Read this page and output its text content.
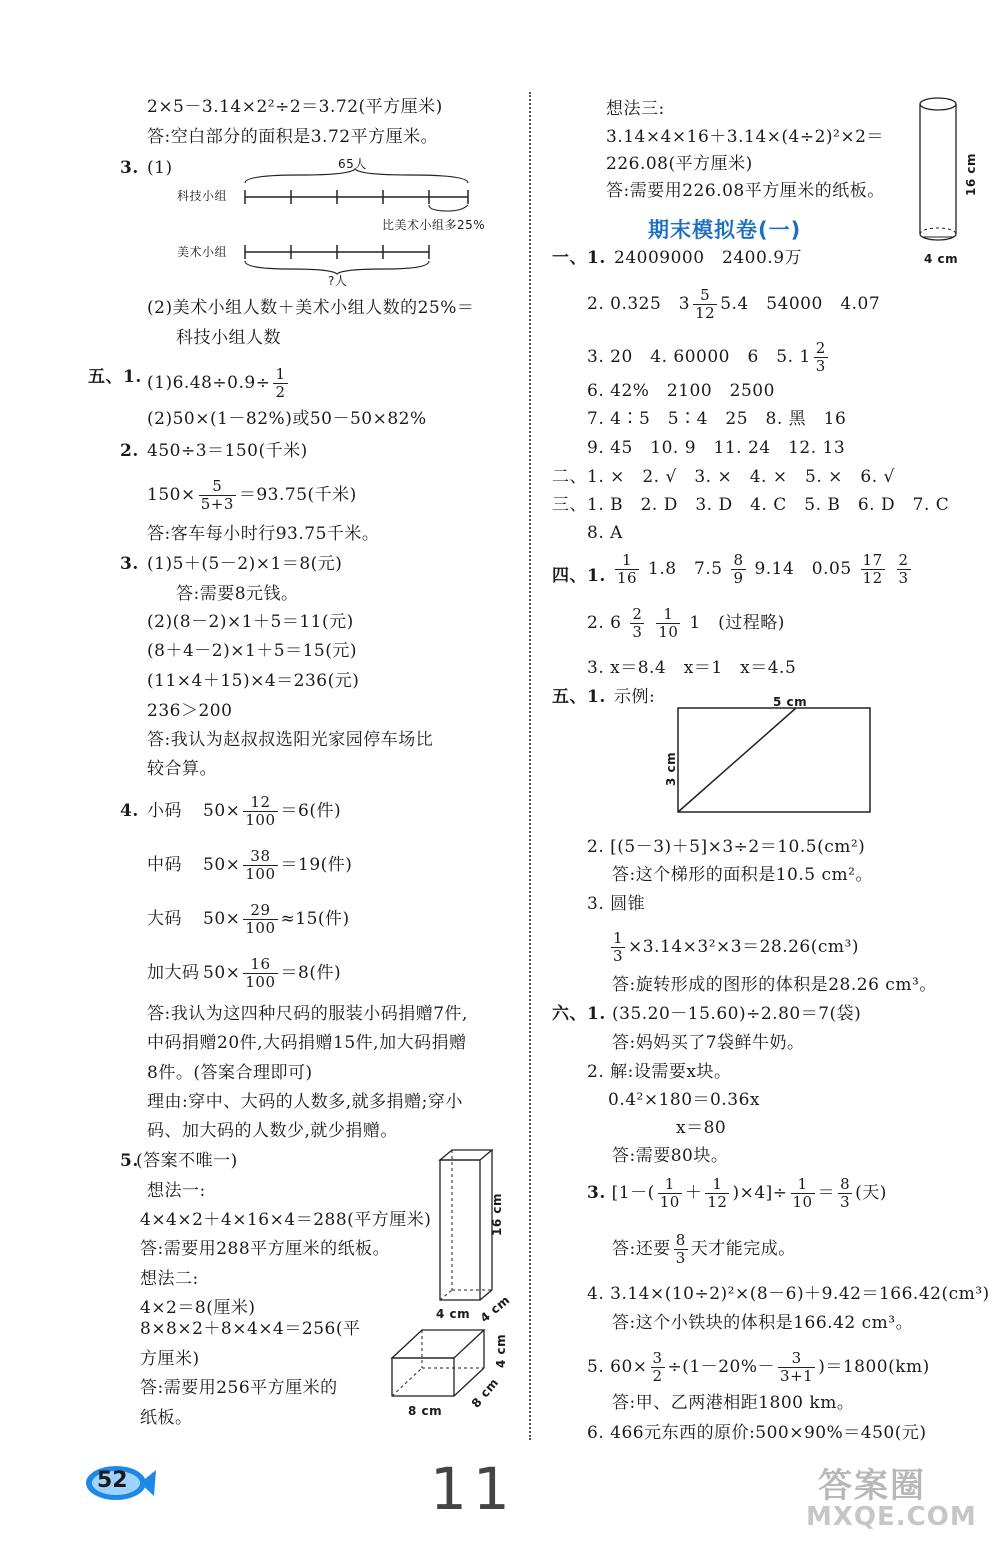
2×5－3.14×2²÷2＝3.72(平方厘米)
答:空白部分的面积是3.72平方厘米。
3. (1)	65人
科技小组
比美术小组多25%
美术小组
?人
(2)美术小组人数＋美术小组人数的25%＝
科技小组人数
五、1. $(1)6.48\div 0.9\div \frac{1}{2}$
(2)50×(1－82%)或50－50×82%
2. 450÷3＝150(千米)
$150\times \frac{5}{5+3} =93.75$(千米)
答:客车每小时行93.75千米。
3. (1)5＋(5－2)×1＝8(元)
答:需要8元钱。
(2)(8－2)×1＋5＝11(元)
(8＋4－2)×1＋5＝15(元)
(11×4＋15)×4＝236(元)
236＞200
答:我认为赵叔叔选阳光家园停车场比
较合算。
4. 小码 $50\times \frac{12}{100} =6$(件)
中码 $50\times \frac{38}{100} =19$(件)
大码 $50\times \frac{29}{100} \approx 15$(件)
加大码 $50\times \frac{16}{100} =8$(件)
答:我认为这四种尺码的服装小码捐赠7件,
中码捐赠20件,大码捐赠15件,加大码捐赠
8件。(答案合理即可)
理由:穿中、大码的人数多,就多捐赠;穿小
码、加大码的人数少,就少捐赠。
5.
(答案不唯一)
想法一:
4×4×2＋4×16×4＝288(平方厘米)
答:需要用288平方厘米的纸板。
想法二:
4×2＝8(厘米)
8×8×2＋8×4×4＝256(平
方厘米)
答:需要用256平方厘米的
纸板。
16 cm
4 cm 4 cm
4 cm
8 cm
8 cm
想法三:
3.14×4×16＋3.14×(4÷2)²×2＝
226.08(平方厘米)
答:需要用226.08平方厘米的纸板。	16 cm
4 cm
期末模拟卷(一)
一、1. 24009000　2400.9万
2. 0.325　$3 \frac{5}{12} 5.4$　54000　4.07
3. 20　4. 60000　6　5. $1 \frac{2}{3}$
6. 42%　2100　2500
7. 4∶5　5∶4　25　8. 黑　16
9. 45　10. 9　11. 24　12. 13
二、1. ×　2. √　3. ×　4. ×　5. ×　6. √
三、1. B　2. D　3. D　4. C　5. B　6. D　7. C
8. A
四、1. $\frac{1}{16} 1.8$　$7.5 \frac{8}{9} 9.14$　$0.05 \frac{17}{12}$
$\frac{2}{3}$
2. $6 \frac{2}{3}$
$\frac{1}{10} 1$　(过程略)
3. x＝8.4　x＝1　x＝4.5
五、1. 示例:	5 cm
3 cm
2. [(5－3)＋5]×3÷2＝10.5(cm²)
答:这个梯形的面积是10.5 cm²。
3. 圆锥
$\frac{1}{3} \times 3.14\times 3^2\times 3=28.26(cm^3)$
答:旋转形成的图形的体积是28.26 cm³。
六、1. (35.20－15.60)÷2.80＝7(袋)
答:妈妈买了7袋鲜牛奶。
2. 解:设需要x块。
0.4²×180＝0.36x
x＝80
答:需要80块。
3. $[1-( \frac{1}{10} + \frac{1}{12} )\times 4]\div \frac{1}{10} = \frac{8}{3}$ (天)
答:还要 $\frac{8}{3}$ 天才能完成。
4. 3.14×(10÷2)²×(8－6)＋9.42＝166.42(cm³)
答:这个小铁块的体积是166.42 cm³。
5. $60\times \frac{3}{2} \div(1-20\%- \frac{3}{3+1} )=1800(km)$
答:甲、乙两港相距1800 km。
6. 466元东西的原价:500×90%＝450(元)
52	11	答案圈
MXQE.COM
